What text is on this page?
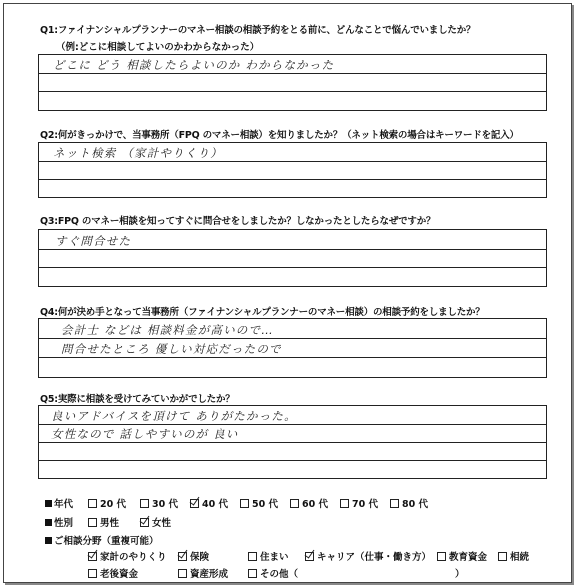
Q1:ファイナンシャルプランナーのマネー相談の相談予約をとる前に、どんなことで悩んでいましたか？
（例:どこに相談してよいのかわからなかった）
どこに どう 相談したらよいのか わからなかった
Q2:何がきっかけで、当事務所（FPQ のマネー相談）を知りましたか？（ネット検索の場合はキーワードを記入）
ネット検索 （家計やりくり）
Q3:FPQ のマネー相談を知ってすぐに問合せをしましたか？しなかったとしたらなぜですか？
すぐ問合せた
Q4:何が決め手となって当事務所（ファイナンシャルプランナーのマネー相談）の相談予約をしましたか？
会計士 などは 相談料金が高いので…
問合せたところ 優しい対応だったので
Q5:実際に相談を受けてみていかがでしたか？
良いアドバイスを頂けて ありがたかった。
女性なので 話しやすいのが 良い
年代	20 代	30 代	40 代	50 代	60 代	70 代	80 代
性別	男性	女性
ご相談分野（重複可能）
家計のやりくり	保険	住まい	キャリア（仕事・働き方）	教育資金	相続
老後資金	資産形成	その他（	）
